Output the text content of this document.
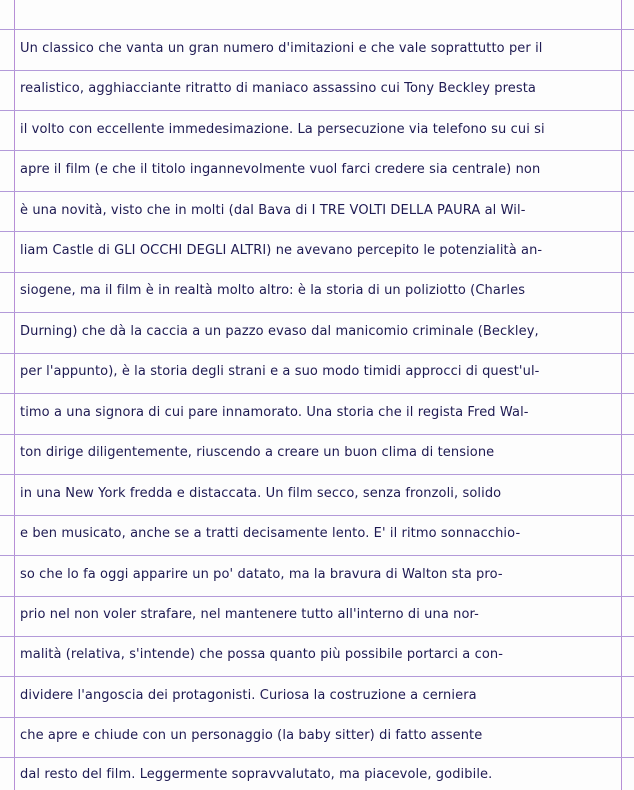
Un classico che vanta un gran numero d'imitazioni e che vale soprattutto per il
realistico, agghiacciante ritratto di maniaco assassino cui Tony Beckley presta
il volto con eccellente immedesimazione. La persecuzione via telefono su cui si
apre il film (e che il titolo ingannevolmente vuol farci credere sia centrale) non
è una novità, visto che in molti (dal Bava di I TRE VOLTI DELLA PAURA al Wil-
liam Castle di GLI OCCHI DEGLI ALTRI) ne avevano percepito le potenzialità an-
siogene, ma il film è in realtà molto altro: è la storia di un poliziotto (Charles
Durning) che dà la caccia a un pazzo evaso dal manicomio criminale (Beckley,
per l'appunto), è la storia degli strani e a suo modo timidi approcci di quest'ul-
timo a una signora di cui pare innamorato. Una storia che il regista Fred Wal-
ton dirige diligentemente, riuscendo a creare un buon clima di tensione
in una New York fredda e distaccata. Un film secco, senza fronzoli, solido
e ben musicato, anche se a tratti decisamente lento. E' il ritmo sonnacchio-
so che lo fa oggi apparire un po' datato, ma la bravura di Walton sta pro-
prio nel non voler strafare, nel mantenere tutto all'interno di una nor-
malità (relativa, s'intende) che possa quanto più possibile portarci a con-
dividere l'angoscia dei protagonisti. Curiosa la costruzione a cerniera
che apre e chiude con un personaggio (la baby sitter) di fatto assente
dal resto del film. Leggermente sopravvalutato, ma piacevole, godibile.
